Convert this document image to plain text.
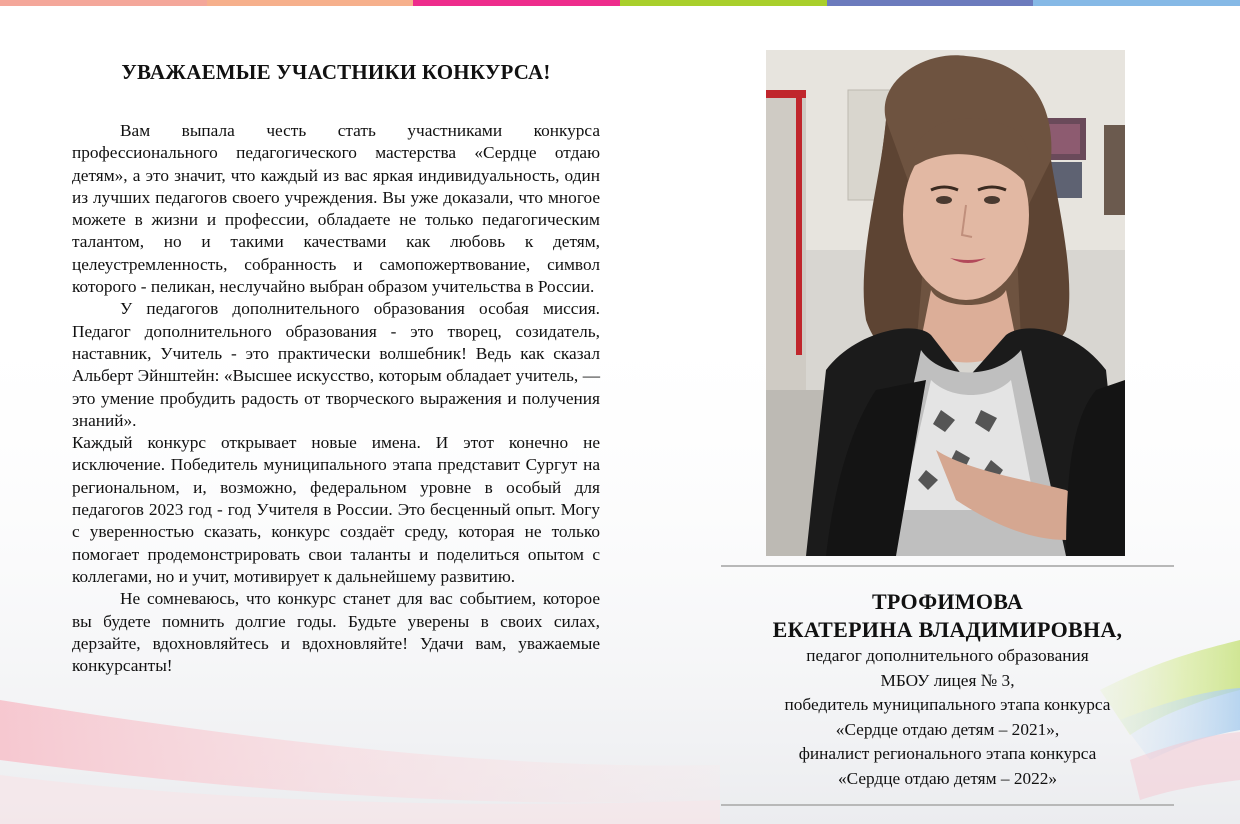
УВАЖАЕМЫЕ УЧАСТНИКИ КОНКУРСА!

Вам выпала честь стать участниками конкурса профессионального педагогического мастерства «Сердце отдаю детям», а это значит, что каждый из вас яркая индивидуальность, один из лучших педагогов своего учреждения. Вы уже доказали, что многое можете в жизни и профессии, обладаете не только педагогическим талантом, но и такими качествами как любовь к детям, целеустремленность, собранность и самопожертвование, символ которого - пеликан, неслучайно выбран образом учительства в России.

У педагогов дополнительного образования особая миссия. Педагог дополнительного образования - это творец, созидатель, наставник, Учитель - это практически волшебник! Ведь как сказал Альберт Эйнштейн: «Высшее искусство, которым обладает учитель, — это умение пробудить радость от творческого выражения и получения знаний».

Каждый конкурс открывает новые имена. И этот конечно не исключение. Победитель муниципального этапа представит Сургут на региональном, и, возможно, федеральном уровне в особый для педагогов 2023 год - год Учителя в России. Это бесценный опыт. Могу с уверенностью сказать, конкурс создаёт среду, которая не только помогает продемонстрировать свои таланты и поделиться опытом с коллегами, но и учит, мотивирует к дальнейшему развитию.

Не сомневаюсь, что конкурс станет для вас событием, которое вы будете помнить долгие годы. Будьте уверены в своих силах, дерзайте, вдохновляйтесь и вдохновляйте! Удачи вам, уважаемые конкурсанты!

ТРОФИМОВА
ЕКАТЕРИНА ВЛАДИМИРОВНА,
педагог дополнительного образования
МБОУ лицея № 3,
победитель муниципального этапа конкурса
«Сердце отдаю детям – 2021»,
финалист регионального этапа конкурса
«Сердце отдаю детям – 2022»
